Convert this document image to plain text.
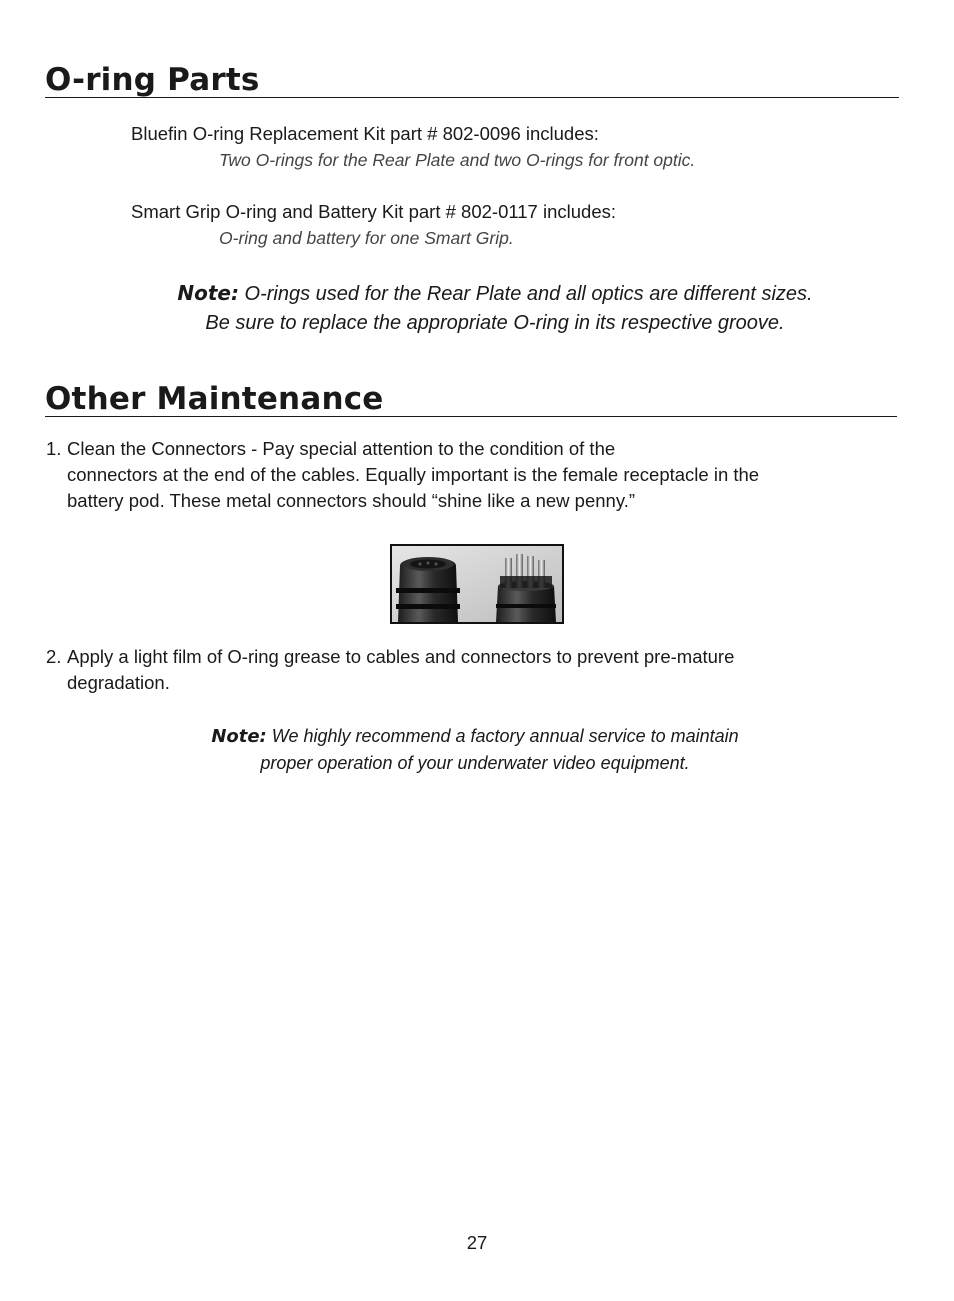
O-ring Parts
Bluefin O-ring Replacement Kit part # 802-0096 includes:
Two O-rings for the Rear Plate and two O-rings for front optic.
Smart Grip O-ring and Battery Kit part # 802-0117 includes:
O-ring and battery for one Smart Grip.
Note: O-rings used for the Rear Plate and all optics are different sizes.
Be sure to replace the appropriate O-ring in its respective groove.
Other Maintenance
1. Clean the Connectors - Pay special attention to the condition of the
connectors at the end of the cables. Equally important is the female receptacle in the
battery pod. These metal connectors should “shine like a new penny.”
2. Apply a light film of O-ring grease to cables and connectors to prevent pre-mature
degradation.
Note: We highly recommend a factory annual service to maintain
proper operation of your underwater video equipment.
27
